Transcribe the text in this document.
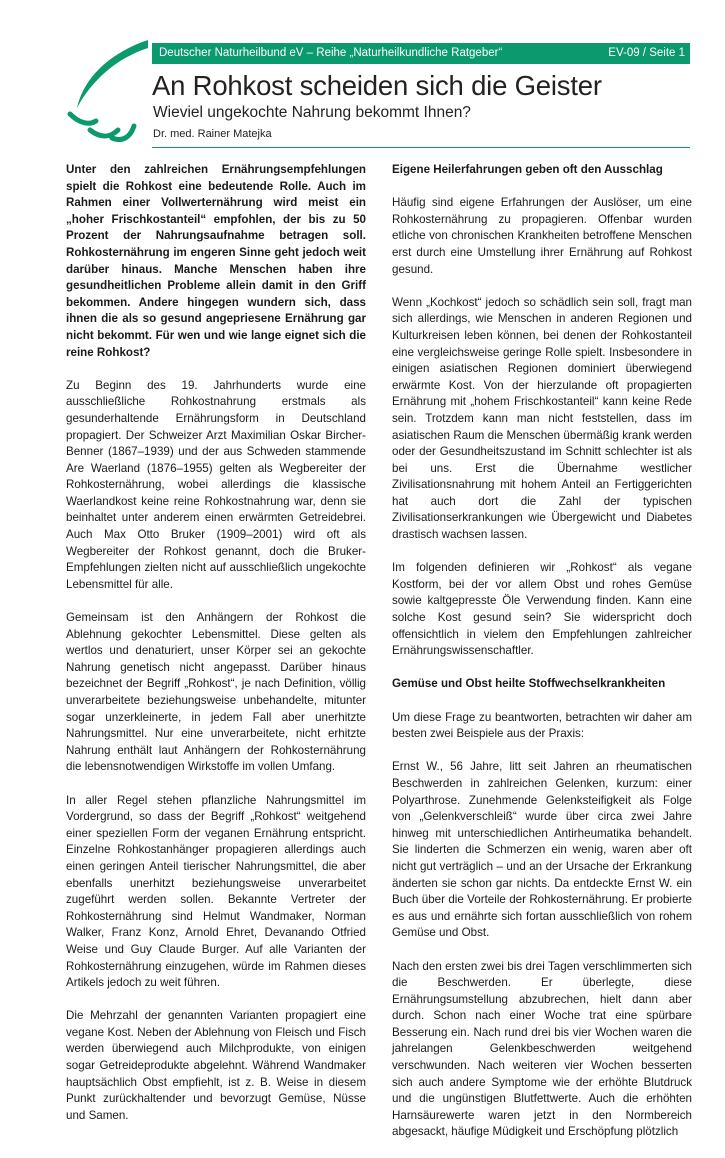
Deutscher Naturheilbund eV – Reihe „Naturheilkundliche Ratgeber“	EV-09 / Seite 1
An Rohkost scheiden sich die Geister
Wieviel ungekochte Nahrung bekommt Ihnen?
Dr. med. Rainer Matejka

Unter den zahlreichen Ernährungsempfehlungen spielt die Rohkost eine bedeutende Rolle. Auch im Rahmen einer Vollwerternährung wird meist ein „hoher Frischkostanteil“ empfohlen, der bis zu 50 Prozent der Nahrungsaufnahme betragen soll. Rohkosternährung im engeren Sinne geht jedoch weit darüber hinaus. Manche Menschen haben ihre gesundheitlichen Probleme allein damit in den Griff bekommen. Andere hingegen wundern sich, dass ihnen die als so gesund angepriesene Ernährung gar nicht bekommt. Für wen und wie lange eignet sich die reine Rohkost?

Zu Beginn des 19. Jahrhunderts wurde eine ausschließliche Rohkostnahrung erstmals als gesunderhaltende Ernährungsform in Deutschland propagiert. Der Schweizer Arzt Maximilian Oskar Bircher-Benner (1867–1939) und der aus Schweden stammende Are Waerland (1876–1955) gelten als Wegbereiter der Rohkosternährung, wobei allerdings die klassische Waerlandkost keine reine Rohkostnahrung war, denn sie beinhaltet unter anderem einen erwärmten Getreidebrei. Auch Max Otto Bruker (1909–2001) wird oft als Wegbereiter der Rohkost genannt, doch die Bruker-Empfehlungen zielten nicht auf ausschließlich ungekochte Lebensmittel für alle.

Gemeinsam ist den Anhängern der Rohkost die Ablehnung gekochter Lebensmittel. Diese gelten als wertlos und denaturiert, unser Körper sei an gekochte Nahrung genetisch nicht angepasst. Darüber hinaus bezeichnet der Begriff „Rohkost“, je nach Definition, völlig unverarbeitete beziehungsweise unbehandelte, mitunter sogar unzerkleinerte, in jedem Fall aber unerhitzte Nahrungsmittel. Nur eine unverarbeitete, nicht erhitzte Nahrung enthält laut Anhängern der Rohkosternährung die lebensnotwendigen Wirkstoffe im vollen Umfang.

In aller Regel stehen pflanzliche Nahrungsmittel im Vordergrund, so dass der Begriff „Rohkost“ weitgehend einer speziellen Form der veganen Ernährung entspricht. Einzelne Rohkostanhänger propagieren allerdings auch einen geringen Anteil tierischer Nahrungsmittel, die aber ebenfalls unerhitzt beziehungsweise unverarbeitet zugeführt werden sollen. Bekannte Vertreter der Rohkosternährung sind Helmut Wandmaker, Norman Walker, Franz Konz, Arnold Ehret, Devanando Otfried Weise und Guy Claude Burger. Auf alle Varianten der Rohkosternährung einzugehen, würde im Rahmen dieses Artikels jedoch zu weit führen.

Die Mehrzahl der genannten Varianten propagiert eine vegane Kost. Neben der Ablehnung von Fleisch und Fisch werden überwiegend auch Milchprodukte, von einigen sogar Getreideprodukte abgelehnt. Während Wandmaker hauptsächlich Obst empfiehlt, ist z. B. Weise in diesem Punkt zurückhaltender und bevorzugt Gemüse, Nüsse und Samen.

Eigene Heilerfahrungen geben oft den Ausschlag

Häufig sind eigene Erfahrungen der Auslöser, um eine Rohkosternährung zu propagieren. Offenbar wurden etliche von chronischen Krankheiten betroffene Menschen erst durch eine Umstellung ihrer Ernährung auf Rohkost gesund.

Wenn „Kochkost“ jedoch so schädlich sein soll, fragt man sich allerdings, wie Menschen in anderen Regionen und Kulturkreisen leben können, bei denen der Rohkostanteil eine vergleichsweise geringe Rolle spielt. Insbesondere in einigen asiatischen Regionen dominiert überwiegend erwärmte Kost. Von der hierzulande oft propagierten Ernährung mit „hohem Frischkostanteil“ kann keine Rede sein. Trotzdem kann man nicht feststellen, dass im asiatischen Raum die Menschen übermäßig krank werden oder der Gesundheitszustand im Schnitt schlechter ist als bei uns. Erst die Übernahme westlicher Zivilisationsnahrung mit hohem Anteil an Fertiggerichten hat auch dort die Zahl der typischen Zivilisationserkrankungen wie Übergewicht und Diabetes drastisch wachsen lassen.

Im folgenden definieren wir „Rohkost“ als vegane Kostform, bei der vor allem Obst und rohes Gemüse sowie kaltgepresste Öle Verwendung finden. Kann eine solche Kost gesund sein? Sie widerspricht doch offensichtlich in vielem den Empfehlungen zahlreicher Ernährungswissenschaftler.

Gemüse und Obst heilte Stoffwechselkrankheiten

Um diese Frage zu beantworten, betrachten wir daher am besten zwei Beispiele aus der Praxis:

Ernst W., 56 Jahre, litt seit Jahren an rheumatischen Beschwerden in zahlreichen Gelenken, kurzum: einer Polyarthrose. Zunehmende Gelenksteifigkeit als Folge von „Gelenkverschleiß“ wurde über circa zwei Jahre hinweg mit unterschiedlichen Antirheumatika behandelt. Sie linderten die Schmerzen ein wenig, waren aber oft nicht gut verträglich – und an der Ursache der Erkrankung änderten sie schon gar nichts. Da entdeckte Ernst W. ein Buch über die Vorteile der Rohkosternährung. Er probierte es aus und ernährte sich fortan ausschließlich von rohem Gemüse und Obst.

Nach den ersten zwei bis drei Tagen verschlimmerten sich die Beschwerden. Er überlegte, diese Ernährungsumstellung abzubrechen, hielt dann aber durch. Schon nach einer Woche trat eine spürbare Besserung ein. Nach rund drei bis vier Wochen waren die jahrelangen Gelenkbeschwerden weitgehend verschwunden. Nach weiteren vier Wochen besserten sich auch andere Symptome wie der erhöhte Blutdruck und die ungünstigen Blutfettwerte. Auch die erhöhten Harnsäurewerte waren jetzt in den Normbereich abgesackt, häufige Müdigkeit und Erschöpfung plötzlich
